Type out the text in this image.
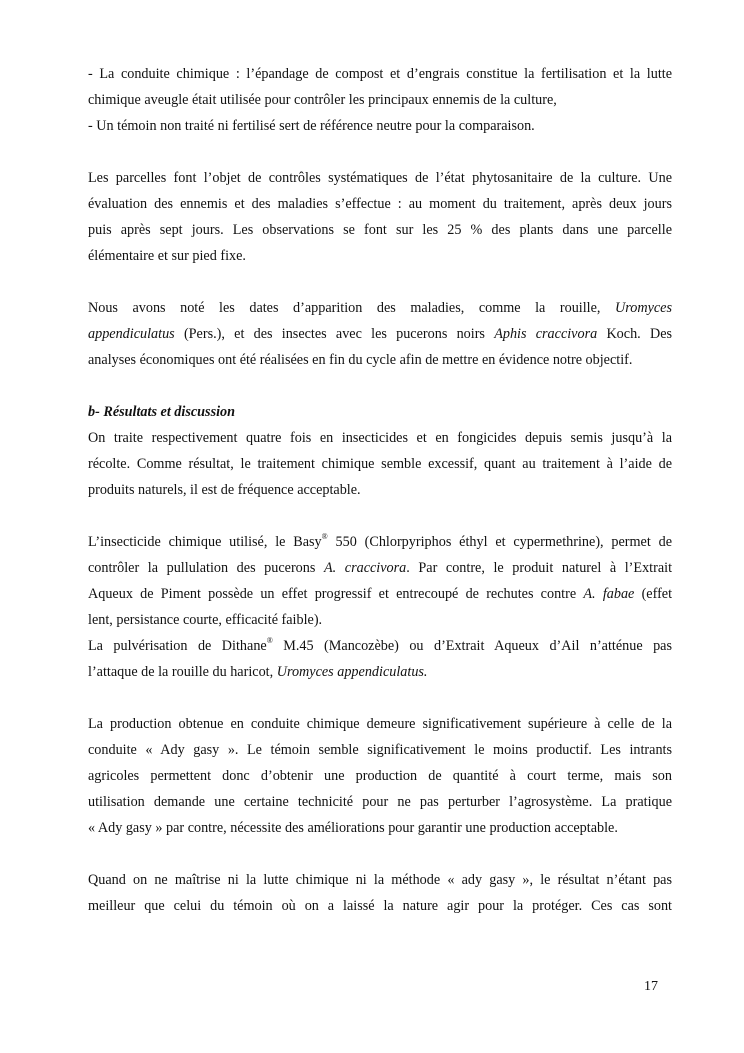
- La conduite chimique : l’épandage de compost et d’engrais constitue la fertilisation et la lutte
chimique aveugle était utilisée pour contrôler les principaux ennemis de la culture,
- Un témoin non traité ni fertilisé sert de référence neutre pour la comparaison.
Les parcelles font l’objet de contrôles systématiques de l’état phytosanitaire de la culture. Une
évaluation des ennemis et des maladies s’effectue : au moment du traitement, après deux jours
puis après sept jours. Les observations se font sur les 25 % des plants dans une parcelle
élémentaire et sur pied fixe.
Nous avons noté les dates d’apparition des maladies, comme la rouille, Uromyces
appendiculatus (Pers.), et des insectes avec les pucerons noirs Aphis craccivora Koch. Des
analyses économiques ont été réalisées en fin du cycle afin de mettre en évidence notre objectif.
b- Résultats et discussion
On traite respectivement quatre fois en insecticides et en fongicides depuis semis jusqu’à la
récolte. Comme résultat, le traitement chimique semble excessif, quant au traitement à l’aide de
produits naturels, il est de fréquence acceptable.
L’insecticide chimique utilisé, le Basy® 550 (Chlorpyriphos éthyl et cypermethrine), permet de
contrôler la pullulation des pucerons A. craccivora. Par contre, le produit naturel à l’Extrait
Aqueux de Piment possède un effet progressif et entrecoupé de rechutes contre A. fabae (effet
lent, persistance courte, efficacité faible).
La pulvérisation de Dithane® M.45 (Mancozèbe) ou d’Extrait Aqueux d’Ail n’atténue pas
l’attaque de la rouille du haricot, Uromyces appendiculatus.
La production obtenue en conduite chimique demeure significativement supérieure à celle de la
conduite « Ady gasy ». Le témoin semble significativement le moins productif. Les intrants
agricoles permettent donc d’obtenir une production de quantité à court terme, mais son
utilisation demande une certaine technicité pour ne pas perturber l’agrosystème. La pratique
« Ady gasy » par contre, nécessite des améliorations pour garantir une production acceptable.
Quand on ne maîtrise ni la lutte chimique ni la méthode « ady gasy », le résultat n’étant pas
meilleur que celui du témoin où on a laissé la nature agir pour la protéger. Ces cas sont
17
